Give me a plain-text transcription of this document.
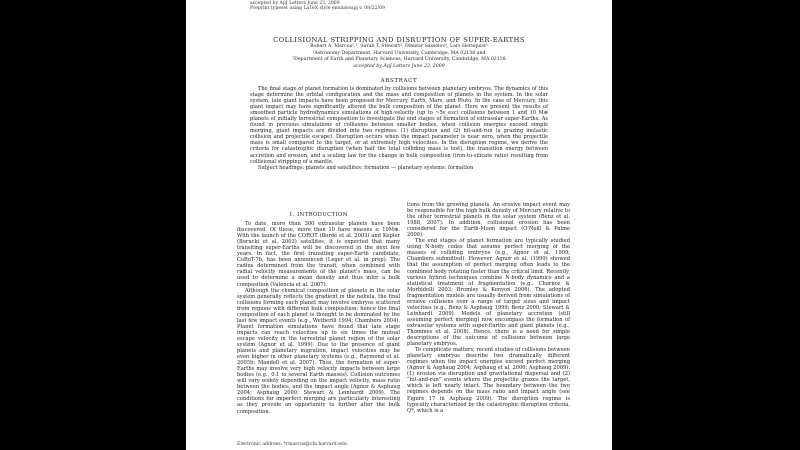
accepted by ApJ Letters June 23, 2009
Preprint typeset using LaTeX style emulateapj v. 08/22/09
COLLISIONAL STRIPPING AND DISRUPTION OF SUPER-EARTHS
Robert A. Marcus¹,³, Sarah T. Stewart², Dimitar Sasselov¹, Lars Hernquist¹
¹Astronomy Department, Harvard University, Cambridge, MA 02138 and
²Department of Earth and Planetary Sciences, Harvard University, Cambridge, MA 02138
accepted by ApJ Letters June 23, 2009
ABSTRACT

The final stage of planet formation is dominated by collisions between planetary embryos. The dynamics of this stage determine the orbital configuration and the mass and composition of planets in the system. In the solar system, late giant impacts have been proposed for Mercury, Earth, Mars, and Pluto. In the case of Mercury, this giant impact may have significantly altered the bulk composition of the planet. Here we present the results of smoothed particle hydrodynamics simulations of high-velocity (up to ~5v_esc) collisions between 1 and 10 M⊕ planets of initially terrestrial composition to investigate the end stages of formation of extrasolar super-Earths. As found in previous simulations of collisions between smaller bodies, when collision energies exceed simple merging, giant impacts are divided into two regimes: (1) disruption and (2) hit-and-run (a grazing inelastic collision and projectile escape). Disruption occurs when the impact parameter is near zero, when the projectile mass is small compared to the target, or at extremely high velocities. In the disruption regime, we derive the criteria for catastrophic disruption (when half the total colliding mass is lost), the transition energy between accretion and erosion, and a scaling law for the change in bulk composition (iron-to-silicate ratio) resulting from collisional stripping of a mantle.

Subject headings: planets and satellites: formation — planetary systems: formation

1. INTRODUCTION

To date, more than 300 extrasolar planets have been discovered. Of these, more than 10 have masses ≤ 10M⊕. With the launch of the COROT (Bordé et al. 2003) and Kepler (Borucki et al. 2003) satellites, it is expected that many transiting super-Earths will be discovered in the next few years. In fact, the first transiting super-Earth candidate, CoRoT-7b, has been announced (Leger et al. in prep). The radius determined from the transit, when combined with radial velocity measurements of the planet's mass, can be used to determine a mean density and thus infer a bulk composition (Valencia et al. 2007).

Although the chemical composition of planets in the solar system generally reflects the gradient in the nebula, the final collisions forming each planet may involve embryos scattered from regions with different bulk composition; hence the final composition of each planet is thought to be dominated by the last few impact events (e.g., Wetherill 1994; Chambers 2004). Planet formation simulations have found that late stage impacts can reach velocities up to six times the mutual escape velocity in the terrestrial planet region of the solar system (Agnor et al. 1999). Due to the presence of giant planets and planetary migration, impact velocities may be even higher in other planetary systems (e.g., Raymond et al. 2005b; Mandell et al. 2007). Thus, the formation of super-Earths may involve very high velocity impacts between large bodies (e.g., 0.1 to several Earth masses). Collision outcomes will vary widely depending on the impact velocity, mass ratio between the bodies, and the impact angle (Agnor & Asphaug 2004; Asphaug 2009; Stewart & Leinhardt 2009). The conditions for imperfect merging are particularly interesting as they provide an opportunity to further alter the bulk composition.

tions from the growing planets. An erosive impact event may be responsible for the high bulk density of Mercury relative to the other terrestrial planets in the solar system (Benz et al. 1988, 2007). In addition, collisional erosion has been considered for the Earth-Moon impact (O'Neill & Palme 2008).

The end stages of planet formation are typically studied using N-body codes that assume perfect merging of the masses of colliding embryos (e.g., Agnor et al. 1999; Chambers submitted). However, Agnor et al. (1999) showed that the assumption of perfect merging often leads to the combined body rotating faster than the critical limit. Recently, various hybrid techniques combine N-body dynamics and a statistical treatment of fragmentation (e.g., Charnoz & Morbidelli 2003; Bromley & Kenyon 2006). The adopted fragmentation models are usually derived from simulations of erosive collisions over a range of target sizes and impact velocities (e.g., Benz & Asphaug 1999; Benz 2000; Stewart & Leinhardt 2009). Models of planetary accretion (still assuming perfect merging) now encompass the formation of extrasolar systems with super-Earths and giant planets (e.g., Thommes et al. 2008). Hence, there is a need for simple descriptions of the outcome of collisions between large planetary embryos.

To complicate matters, recent studies of collisions between planetary embryos describe two dramatically different regimes when the impact energies exceed perfect merging (Agnor & Asphaug 2004; Asphaug et al. 2006; Asphaug 2009): (1) erosion via disruption and gravitational dispersal and (2) “hit-and-run” events where the projectile grazes the target, which is left nearly intact. The boundary between the two regimes depends on the mass ratio and impact angle (see Figure 17 in Asphaug 2009). The disruption regime is typically characterized by the catastrophic disruption criteria, Q*, which is a

Electronic address: *rmarcus@cfa.harvard.edu
